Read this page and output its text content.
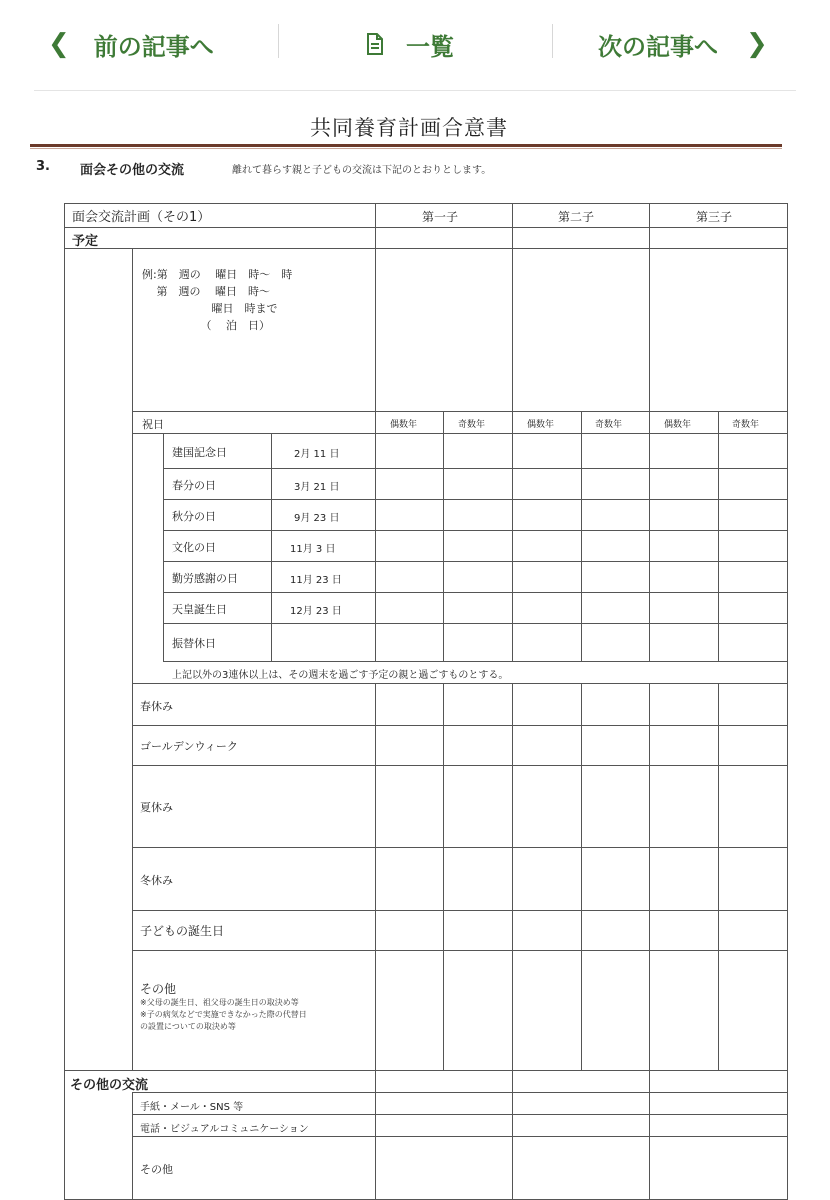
❮ 前の記事へ	一覧	次の記事へ ❯
共同養育計画合意書
3. 面会その他の交流	離れて暮らす親と子どもの交流は下記のとおりとします。
面会交流計画（その1）	第一子	第二子	第三子
予定
例:第　週の　 曜日　時～　時
　 第　週の　 曜日　時～
　　　　　　 曜日　時まで
　　　　　 （　 泊　日）
祝日	偶数年	奇数年	偶数年	奇数年	偶数年	奇数年
建国記念日	2月 11 日
春分の日	3月 21 日
秋分の日	9月 23 日
文化の日	11月 3 日
勤労感謝の日	11月 23 日
天皇誕生日	12月 23 日
振替休日
上記以外の3連休以上は、その週末を過ごす予定の親と過ごすものとする。
春休み
ゴールデンウィーク
夏休み
冬休み
子どもの誕生日
その他
※父母の誕生日、祖父母の誕生日の取決め等
※子の病気などで実施できなかった際の代替日
の設置についての取決め等
その他の交流
手紙・メール・SNS 等
電話・ビジュアルコミュニケーション
その他
